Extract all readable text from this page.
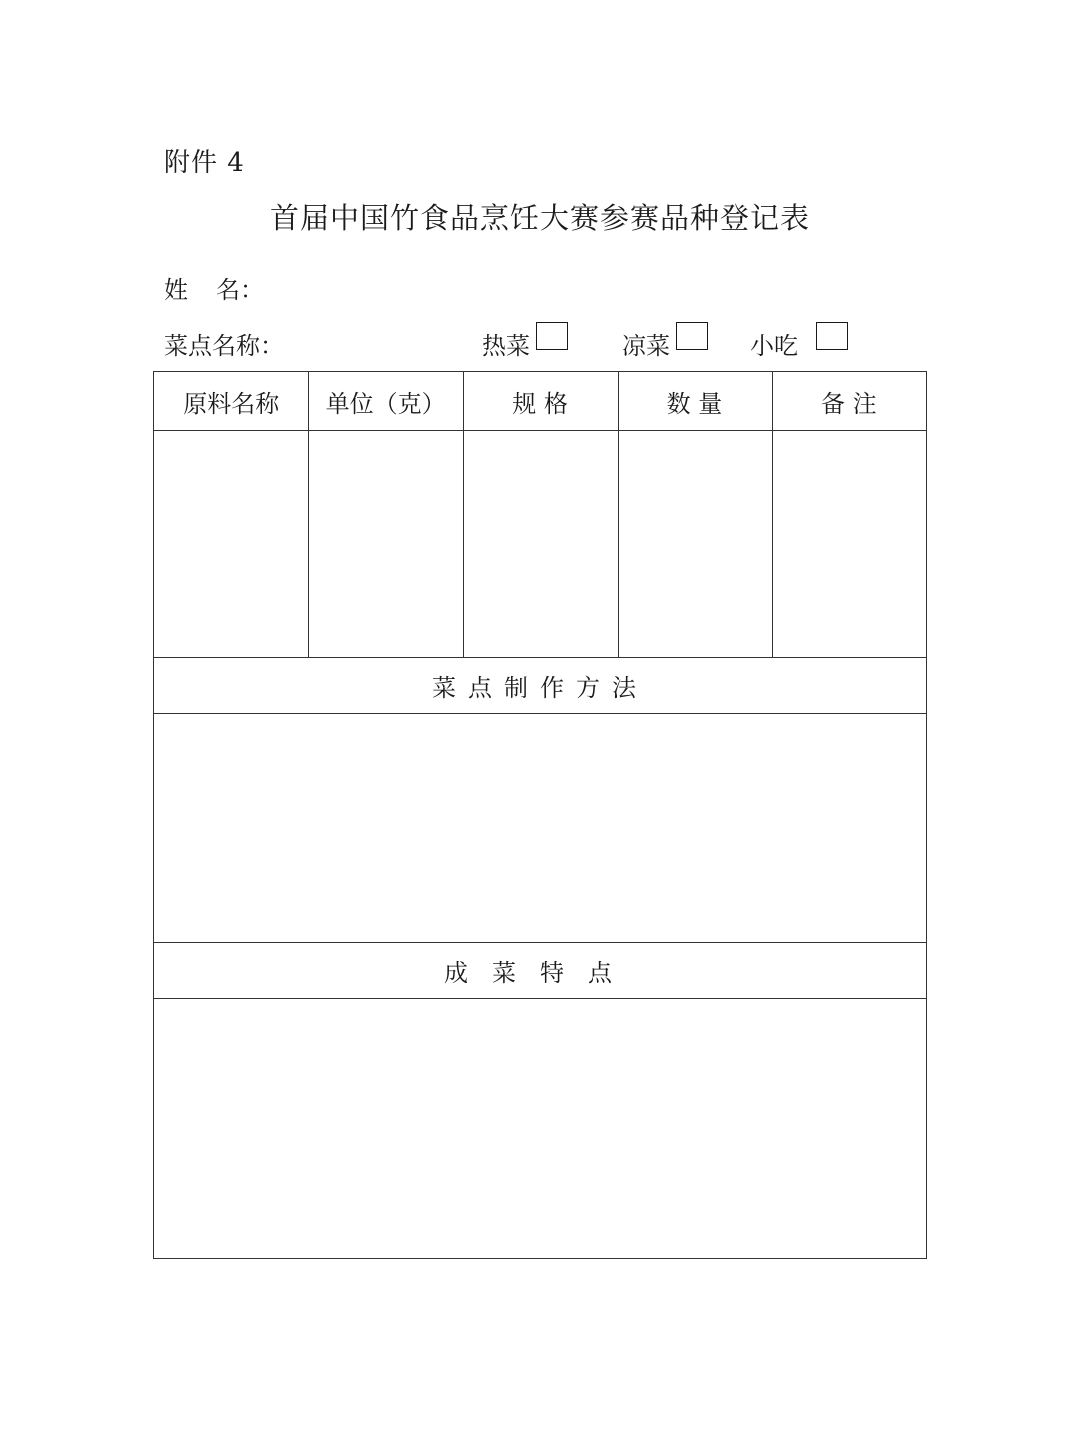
附件 4
首届中国竹食品烹饪大赛参赛品种登记表
姓 名：
菜点名称：	热菜	凉菜	小吃
原料名称	单位（克）	规 格	数 量	备 注
菜点制作方法
成菜特点
